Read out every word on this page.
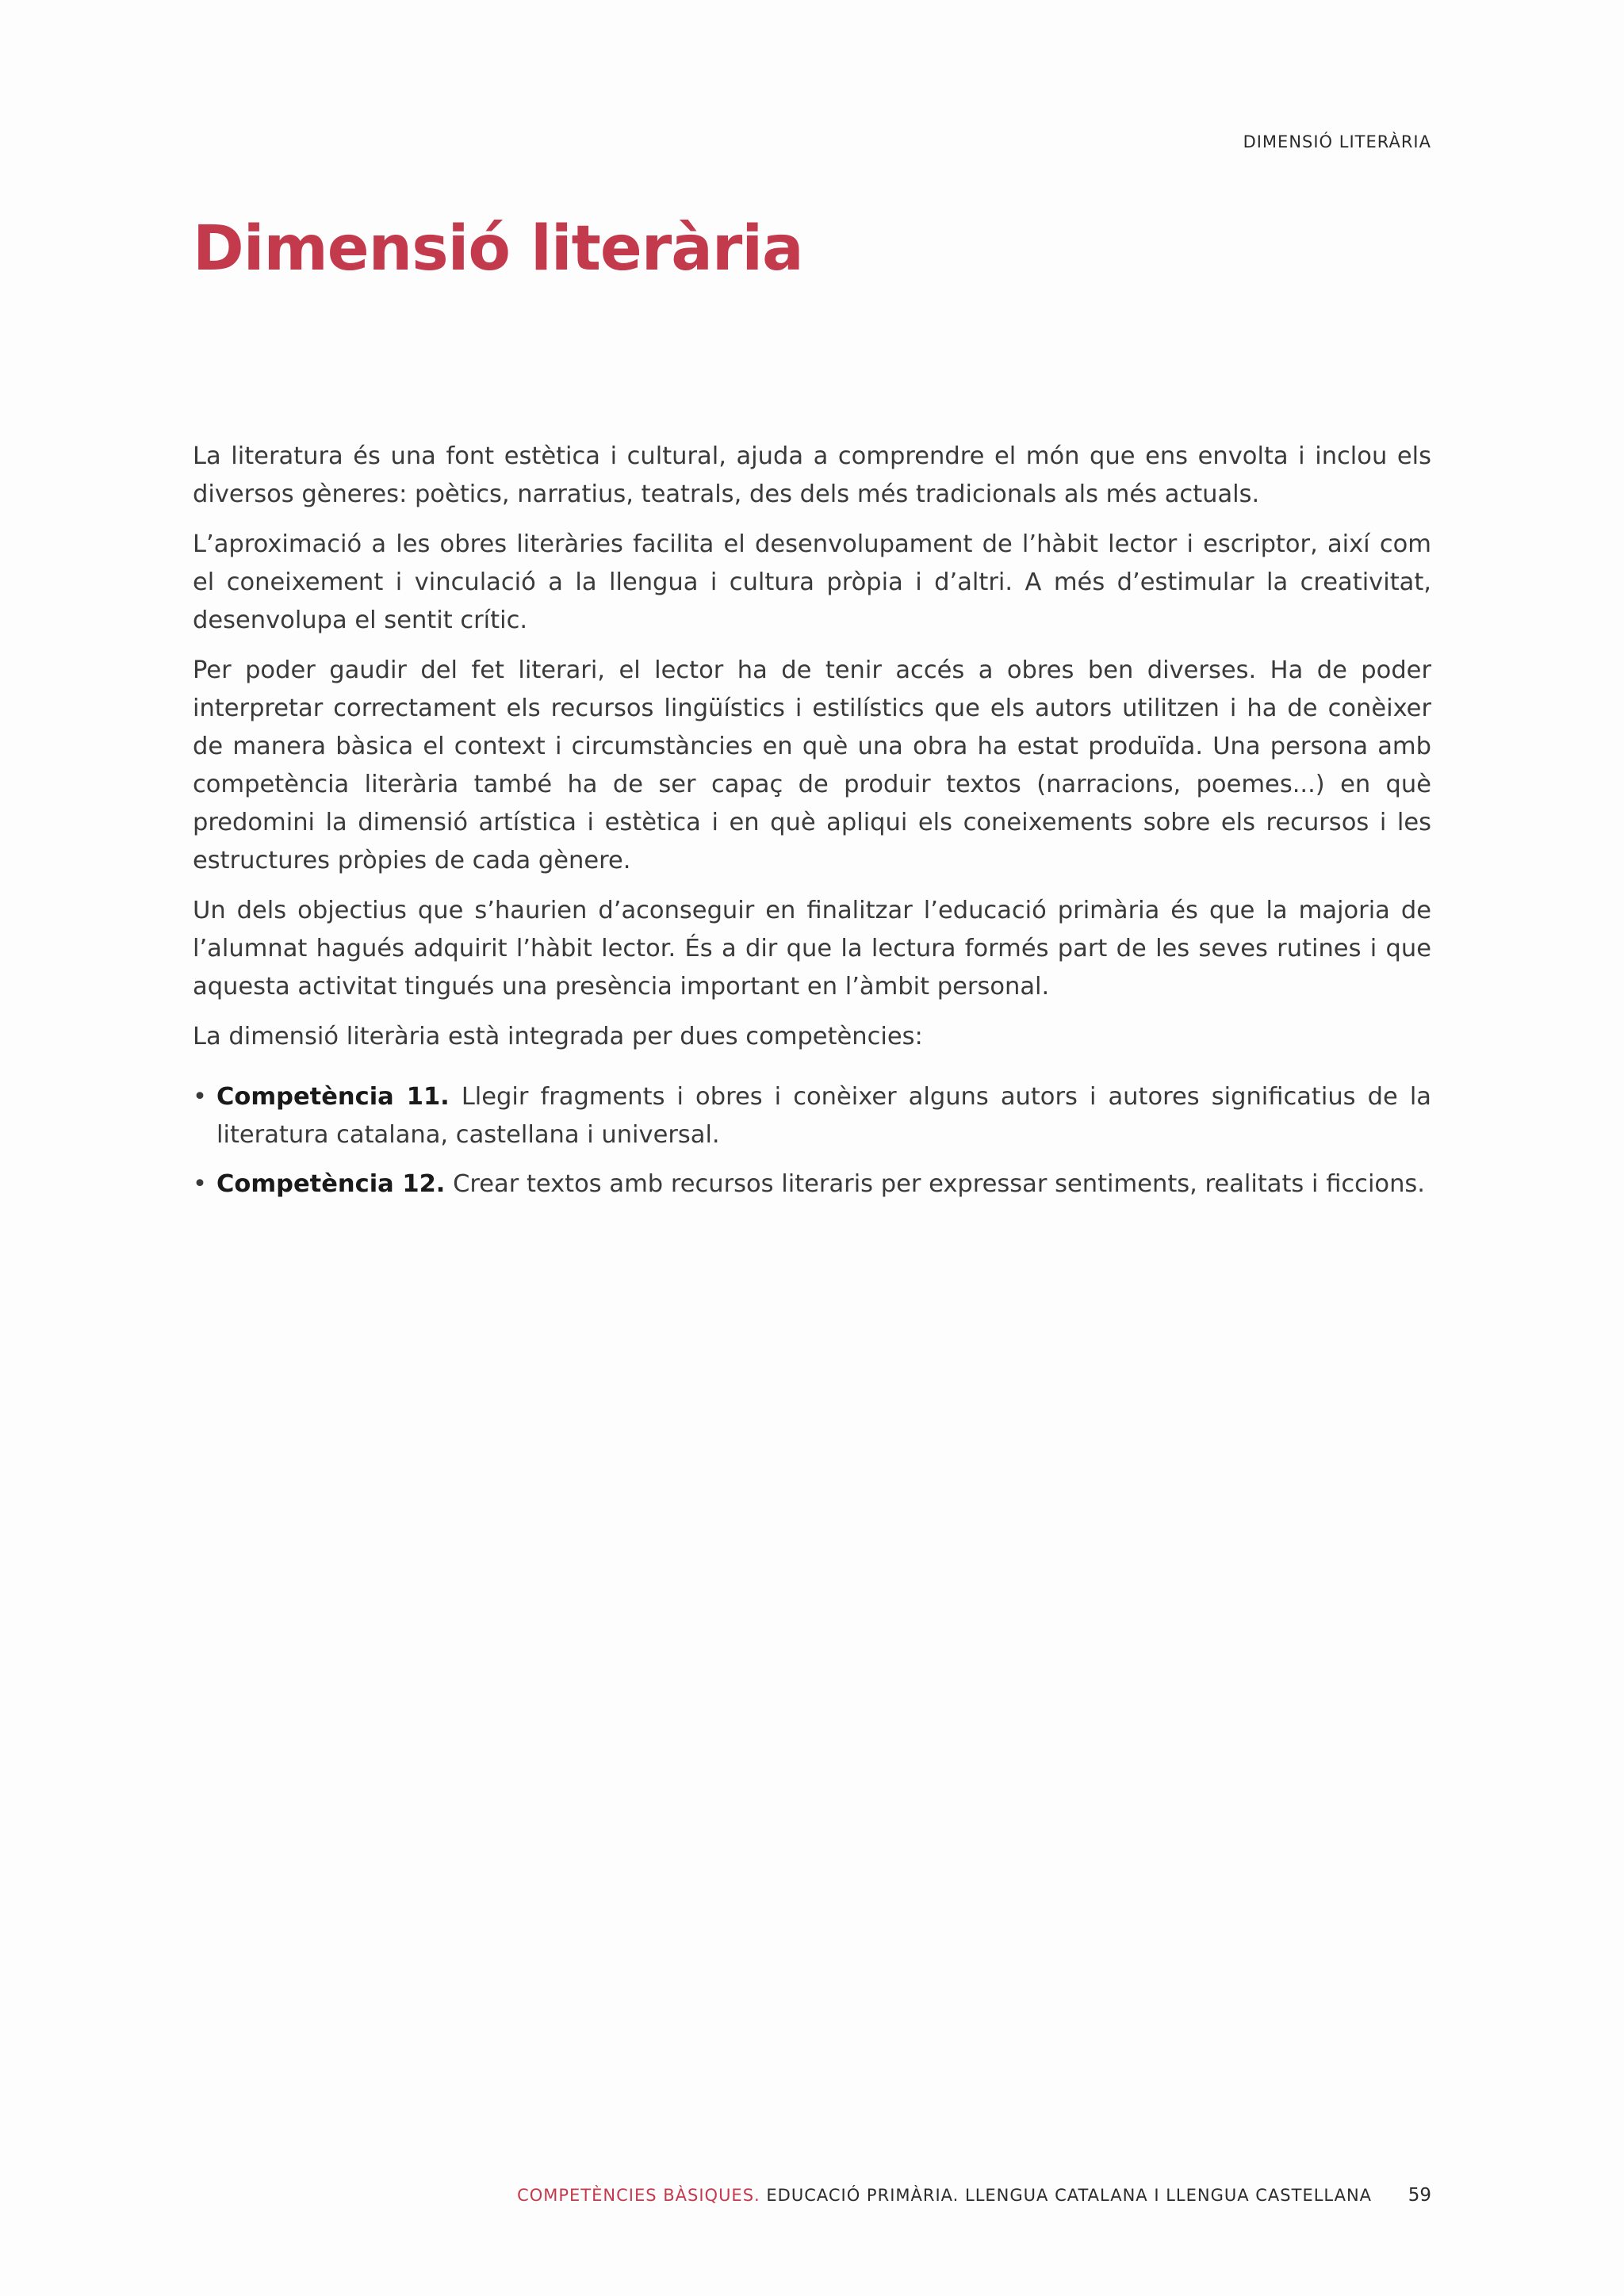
DIMENSIÓ LITERÀRIA
Dimensió literària

La literatura és una font estètica i cultural, ajuda a comprendre el món que ens envolta i inclou els diversos gèneres: poètics, narratius, teatrals, des dels més tradicionals als més actuals.

L’aproximació a les obres literàries facilita el desenvolupament de l’hàbit lector i escriptor, així com el coneixement i vinculació a la llengua i cultura pròpia i d’altri. A més d’estimular la creativitat, desenvolupa el sentit crític.

Per poder gaudir del fet literari, el lector ha de tenir accés a obres ben diverses. Ha de poder interpretar correctament els recursos lingüístics i estilístics que els autors utilitzen i ha de conèixer de manera bàsica el context i circumstàncies en què una obra ha estat produïda. Una persona amb competència literària també ha de ser capaç de produir textos (narracions, poemes...) en què predomini la dimensió artística i estètica i en què apliqui els coneixements sobre els recursos i les estructures pròpies de cada gènere.

Un dels objectius que s’haurien d’aconseguir en finalitzar l’educació primària és que la majoria de l’alumnat hagués adquirit l’hàbit lector. És a dir que la lectura formés part de les seves rutines i que aquesta activitat tingués una presència important en l’àmbit personal.

La dimensió literària està integrada per dues competències:

• Competència 11. Llegir fragments i obres i conèixer alguns autors i autores significatius de la literatura catalana, castellana i universal.
• Competència 12. Crear textos amb recursos literaris per expressar sentiments, realitats i ficcions.
COMPETÈNCIES BÀSIQUES. EDUCACIÓ PRIMÀRIA. LLENGUA CATALANA I LLENGUA CASTELLANA 59
